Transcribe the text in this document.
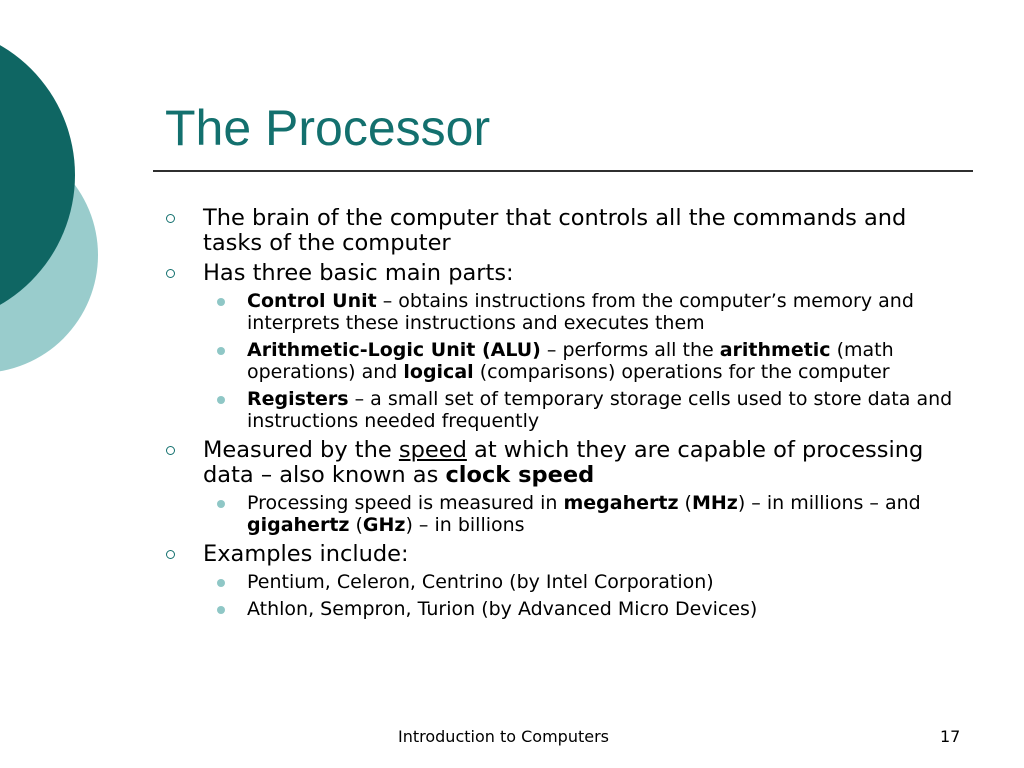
The Processor
The brain of the computer that controls all the commands and tasks of the computer
Has three basic main parts:
Control Unit – obtains instructions from the computer’s memory and interprets these instructions and executes them
Arithmetic-Logic Unit (ALU) – performs all the arithmetic (math operations) and logical (comparisons) operations for the computer
Registers – a small set of temporary storage cells used to store data and instructions needed frequently
Measured by the speed at which they are capable of processing data – also known as clock speed
Processing speed is measured in megahertz (MHz) – in millions – and gigahertz (GHz) – in billions
Examples include:
Pentium, Celeron, Centrino (by Intel Corporation)
Athlon, Sempron, Turion (by Advanced Micro Devices)
Introduction to Computers	17
